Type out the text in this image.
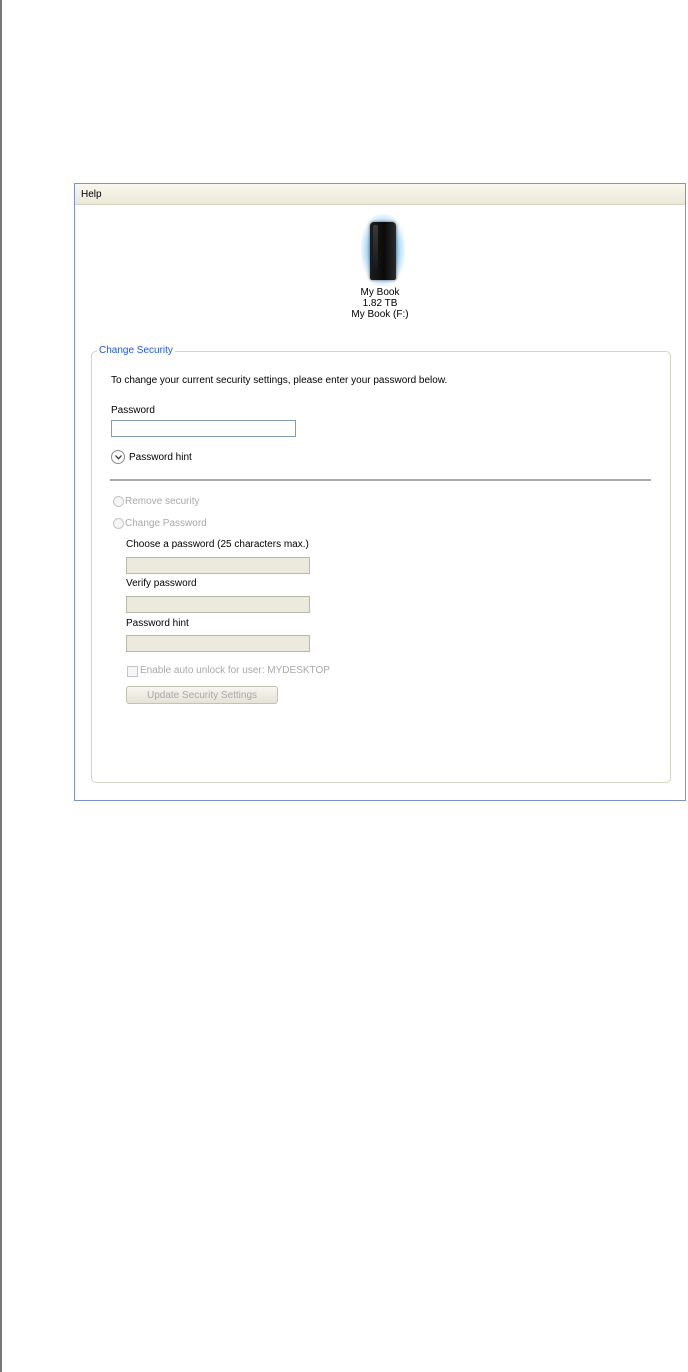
Help
My Book
1.82 TB
My Book (F:)
Change Security
To change your current security settings, please enter your password below.
Password
Password hint
Remove security
Change Password
Choose a password (25 characters max.)
Verify password
Password hint
Enable auto unlock for user: MYDESKTOP
Update Security Settings
